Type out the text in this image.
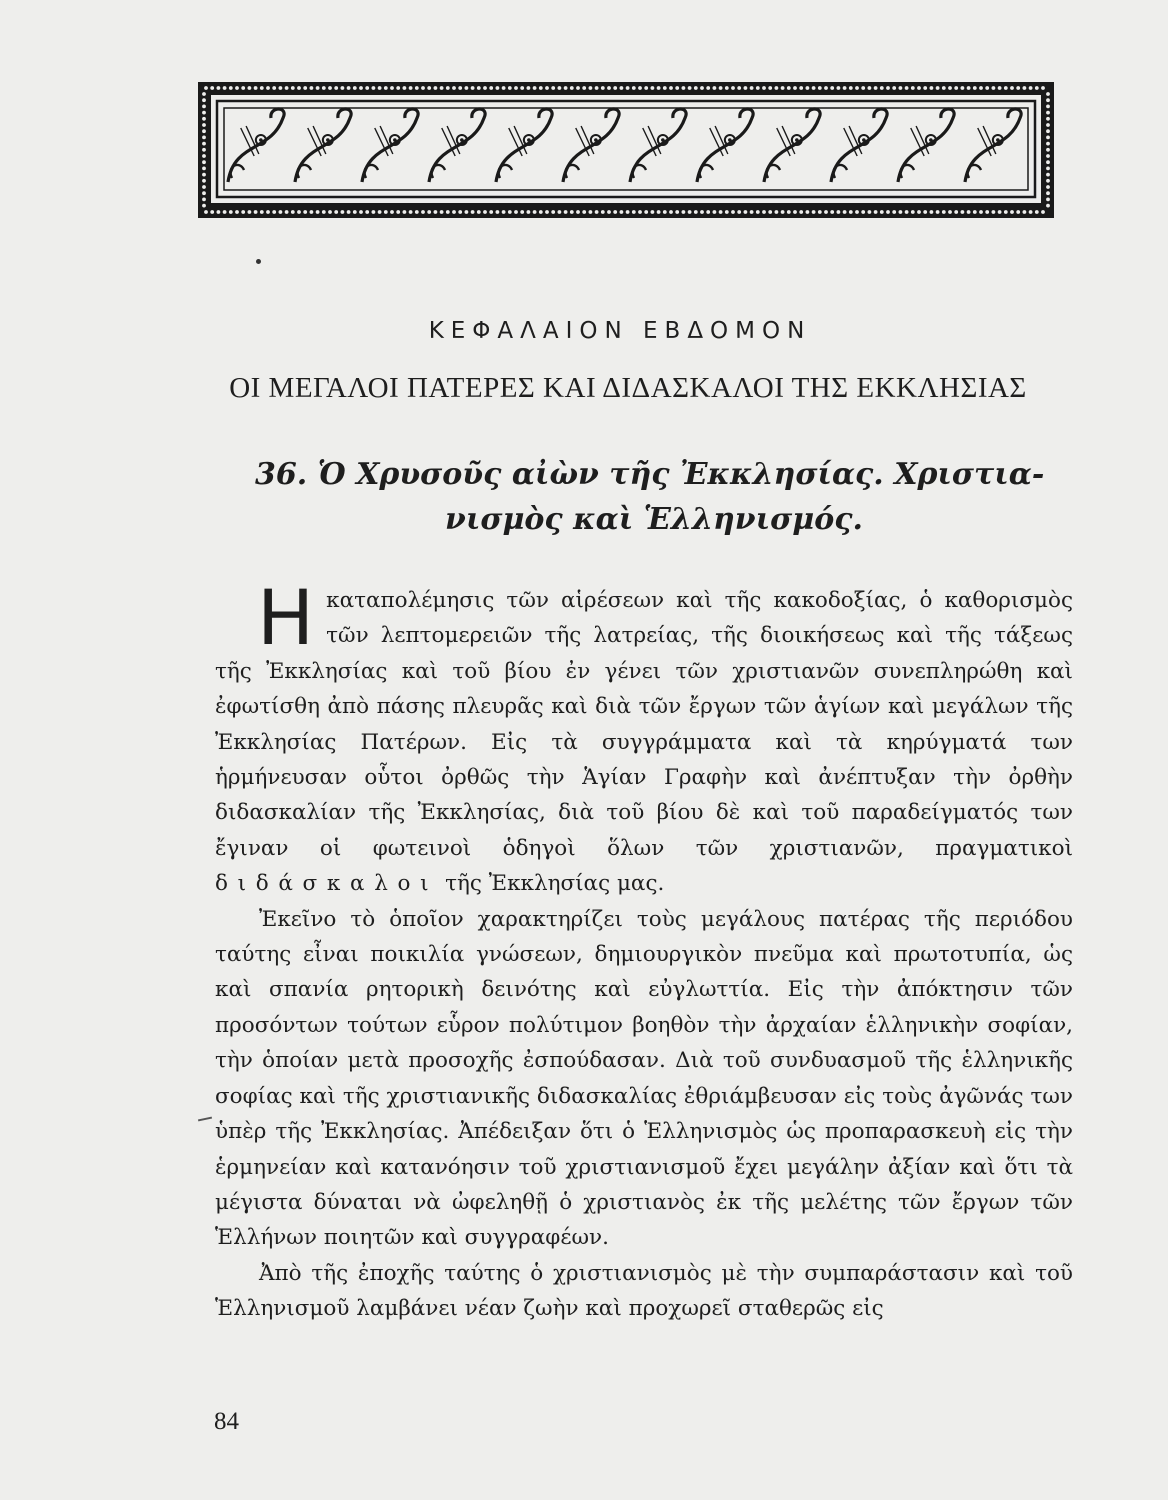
ΚΕΦΑΛΑΙΟΝ ΕΒΔΟΜΟΝ
ΟΙ ΜΕΓΑΛΟΙ ΠΑΤΕΡΕΣ ΚΑΙ ΔΙΔΑΣΚΑΛΟΙ ΤΗΣ ΕΚΚΛΗΣΙΑΣ
36. Ὁ Χρυσοῦς αἰὼν τῆς Ἐκκλησίας. Χριστια-
νισμὸς καὶ Ἑλληνισμός.

Η καταπολέμησις τῶν αἱρέσεων καὶ τῆς κακοδοξίας, ὁ καθορισμὸς τῶν λεπτομερειῶν τῆς λατρείας, τῆς διοικήσεως καὶ τῆς τάξεως τῆς Ἐκκλησίας καὶ τοῦ βίου ἐν γένει τῶν χριστιανῶν συνεπληρώθη καὶ ἐφωτίσθη ἀπὸ πάσης πλευρᾶς καὶ διὰ τῶν ἔργων τῶν ἁγίων καὶ μεγάλων τῆς Ἐκκλησίας Πατέρων. Εἰς τὰ συγγράμματα καὶ τὰ κηρύγματά των ἡρμήνευσαν οὗτοι ὀρθῶς τὴν Ἁγίαν Γραφὴν καὶ ἀνέπτυξαν τὴν ὀρθὴν διδασκαλίαν τῆς Ἐκκλησίας, διὰ τοῦ βίου δὲ καὶ τοῦ παραδείγματός των ἔγιναν οἱ φωτεινοὶ ὁδηγοὶ ὅλων τῶν χριστιανῶν, πραγματικοὶ διδάσκαλοι τῆς Ἐκκλησίας μας.

Ἐκεῖνο τὸ ὁποῖον χαρακτηρίζει τοὺς μεγάλους πατέρας τῆς περιόδου ταύτης εἶναι ποικιλία γνώσεων, δημιουργικὸν πνεῦμα καὶ πρωτοτυπία, ὡς καὶ σπανία ρητορικὴ δεινότης καὶ εὐγλωττία. Εἰς τὴν ἀπόκτησιν τῶν προσόντων τούτων εὗρον πολύτιμον βοηθὸν τὴν ἀρχαίαν ἑλληνικὴν σοφίαν, τὴν ὁποίαν μετὰ προσοχῆς ἐσπούδασαν. Διὰ τοῦ συνδυασμοῦ τῆς ἑλληνικῆς σοφίας καὶ τῆς χριστιανικῆς διδασκαλίας ἐθριάμβευσαν εἰς τοὺς ἀγῶνάς των ὑπὲρ τῆς Ἐκκλησίας. Ἀπέδειξαν ὅτι ὁ Ἑλληνισμὸς ὡς προπαρασκευὴ εἰς τὴν ἑρμηνείαν καὶ κατανόησιν τοῦ χριστιανισμοῦ ἔχει μεγάλην ἀξίαν καὶ ὅτι τὰ μέγιστα δύναται νὰ ὠφεληθῇ ὁ χριστιανὸς ἐκ τῆς μελέτης τῶν ἔργων τῶν Ἑλλήνων ποιητῶν καὶ συγγραφέων.

Ἀπὸ τῆς ἐποχῆς ταύτης ὁ χριστιανισμὸς μὲ τὴν συμπαράστασιν καὶ τοῦ Ἑλληνισμοῦ λαμβάνει νέαν ζωὴν καὶ προχωρεῖ σταθερῶς εἰς

84
